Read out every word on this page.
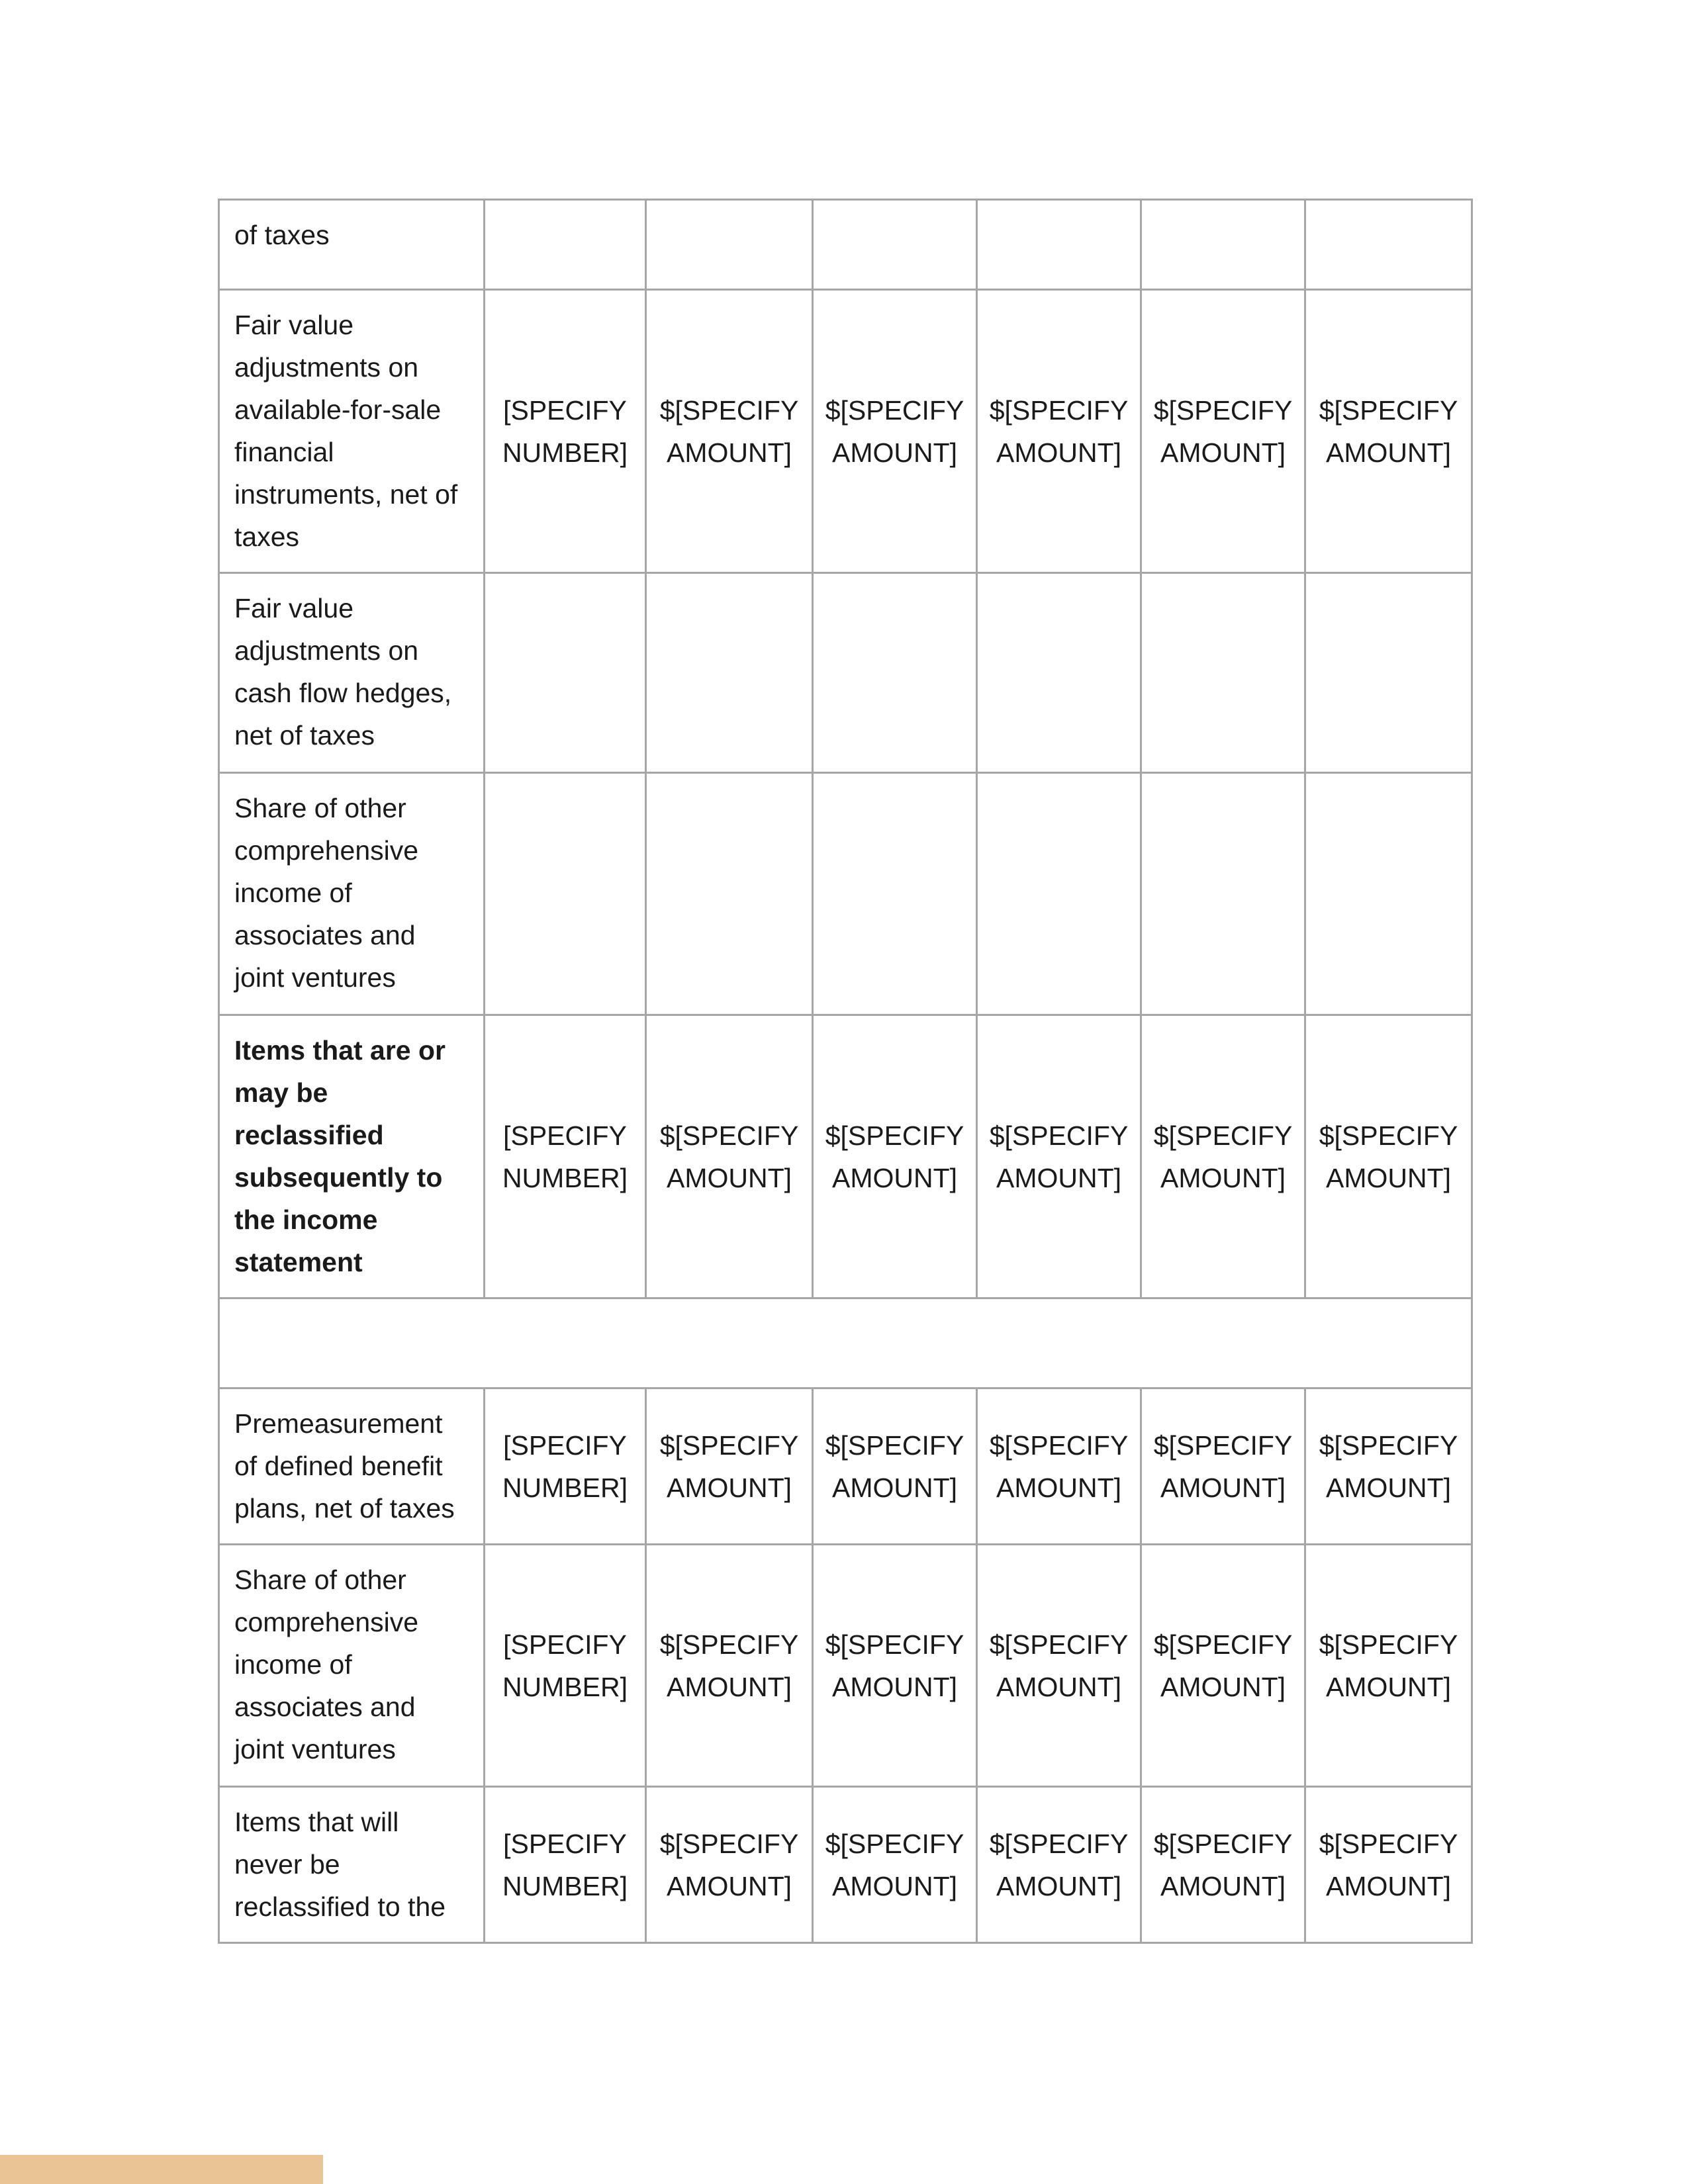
of taxes	

Fair value adjustments on available-for-sale financial instruments, net of taxes	[SPECIFY
NUMBER]	$[SPECIFY
AMOUNT]	$[SPECIFY
AMOUNT]	$[SPECIFY
AMOUNT]	$[SPECIFY
AMOUNT]	$[SPECIFY
AMOUNT]

Fair value adjustments on cash flow hedges, net of taxes	

Share of other comprehensive income of associates and joint ventures	

Items that are or may be reclassified subsequently to the income statement	[SPECIFY
NUMBER]	$[SPECIFY
AMOUNT]	$[SPECIFY
AMOUNT]	$[SPECIFY
AMOUNT]	$[SPECIFY
AMOUNT]	$[SPECIFY
AMOUNT]

Premeasurement of defined benefit plans, net of taxes	[SPECIFY
NUMBER]	$[SPECIFY
AMOUNT]	$[SPECIFY
AMOUNT]	$[SPECIFY
AMOUNT]	$[SPECIFY
AMOUNT]	$[SPECIFY
AMOUNT]

Share of other comprehensive income of associates and joint ventures	[SPECIFY
NUMBER]	$[SPECIFY
AMOUNT]	$[SPECIFY
AMOUNT]	$[SPECIFY
AMOUNT]	$[SPECIFY
AMOUNT]	$[SPECIFY
AMOUNT]

Items that will never be reclassified to the	[SPECIFY
NUMBER]	$[SPECIFY
AMOUNT]	$[SPECIFY
AMOUNT]	$[SPECIFY
AMOUNT]	$[SPECIFY
AMOUNT]	$[SPECIFY
AMOUNT]
